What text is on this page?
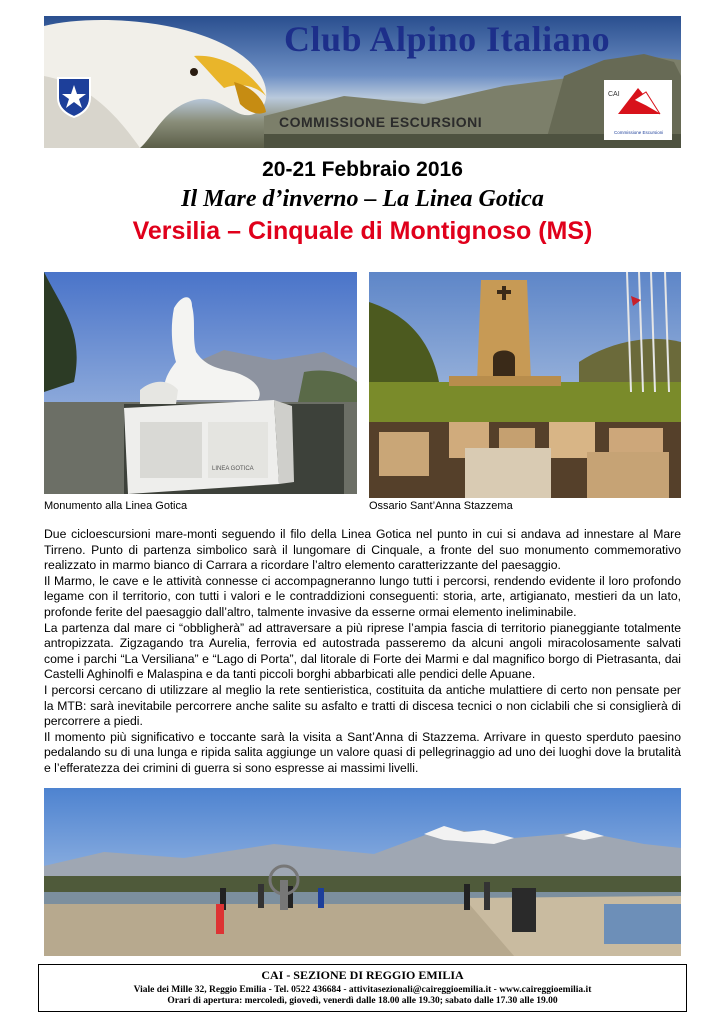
Club Alpino Italiano
COMMISSIONE ESCURSIONI
CAI
Commissione Escursioni
20-21 Febbraio 2016
Il Mare d’inverno – La Linea Gotica
Versilia – Cinquale di Montignoso (MS)
LINEA GOTICA
Monumento alla Linea Gotica	Ossario Sant’Anna Stazzema

Due cicloescursioni mare-monti seguendo il filo della Linea Gotica nel punto in cui si andava ad innestare al Mare Tirreno. Punto di partenza simbolico sarà il lungomare di Cinquale, a fronte del suo monumento commemorativo realizzato in marmo bianco di Carrara a ricordare l’altro elemento caratterizzante del paesaggio.

Il Marmo, le cave e le attività connesse ci accompagneranno lungo tutti i percorsi, rendendo evidente il loro profondo legame con il territorio, con tutti i valori e le contraddizioni conseguenti: storia, arte, artigianato, mestieri da un lato, profonde ferite del paesaggio dall’altro, talmente invasive da esserne ormai elemento ineliminabile.

La partenza dal mare ci “obbligherà” ad attraversare a più riprese l’ampia fascia di territorio pianeggiante totalmente antropizzata. Zigzagando tra Aurelia, ferrovia ed autostrada passeremo da alcuni angoli miracolosamente salvati come i parchi “La Versiliana” e “Lago di Porta”, dal litorale di Forte dei Marmi e dal magnifico borgo di Pietrasanta, dai Castelli Aghinolfi e Malaspina e da tanti piccoli borghi abbarbicati alle pendici delle Apuane.

I percorsi cercano di utilizzare al meglio la rete sentieristica, costituita da antiche mulattiere di certo non pensate per la MTB: sarà inevitabile percorrere anche salite su asfalto e tratti di discesa tecnici o non ciclabili che si consiglierà di percorrere a piedi.

Il momento più significativo e toccante sarà la visita a Sant’Anna di Stazzema. Arrivare in questo sperduto paesino pedalando su di una lunga e ripida salita aggiunge un valore quasi di pellegrinaggio ad uno dei luoghi dove la brutalità e l’efferatezza dei crimini di guerra si sono espresse ai massimi livelli.

CAI - SEZIONE DI REGGIO EMILIA
Viale dei Mille 32, Reggio Emilia - Tel. 0522 436684 - attivitasezionali@caireggioemilia.it - www.caireggioemilia.it
Orari di apertura: mercoledì, giovedì, venerdì dalle 18.00 alle 19.30; sabato dalle 17.30 alle 19.00
